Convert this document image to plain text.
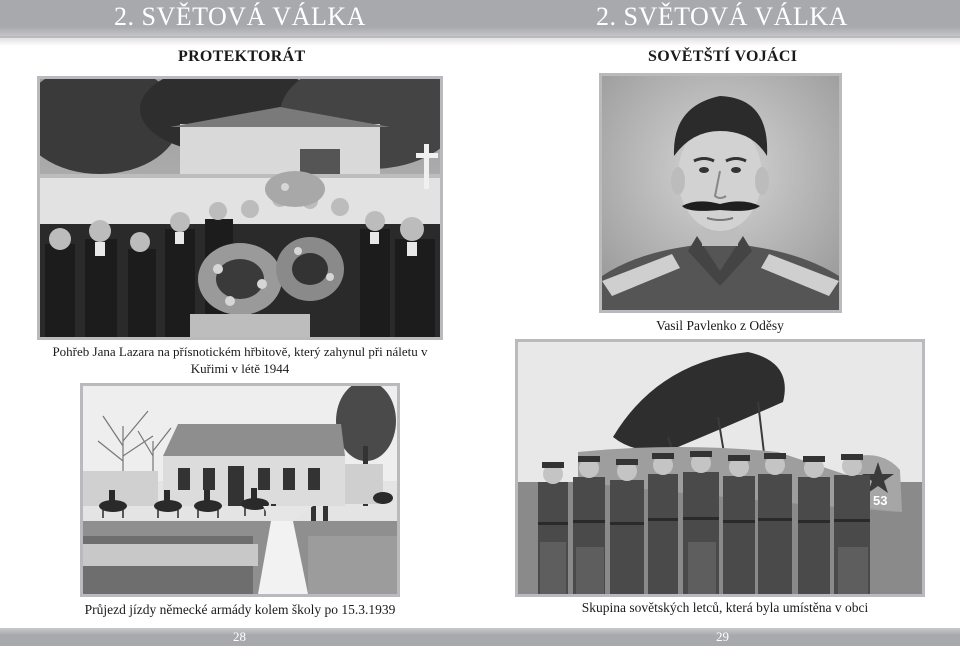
2. SVĚTOVÁ VÁLKA
PROTEKTORÁT
Pohřeb Jana Lazara na přísnotickém hřbitově, který zahynul při náletu v Kuřimi v létě 1944
Průjezd jízdy německé armády kolem školy po 15.3.1939
28
2. SVĚTOVÁ VÁLKA
SOVĚTŠTÍ VOJÁCI
Vasil Pavlenko z Oděsy
53
Skupina sovětských letců, která byla umístěna v obci
29
